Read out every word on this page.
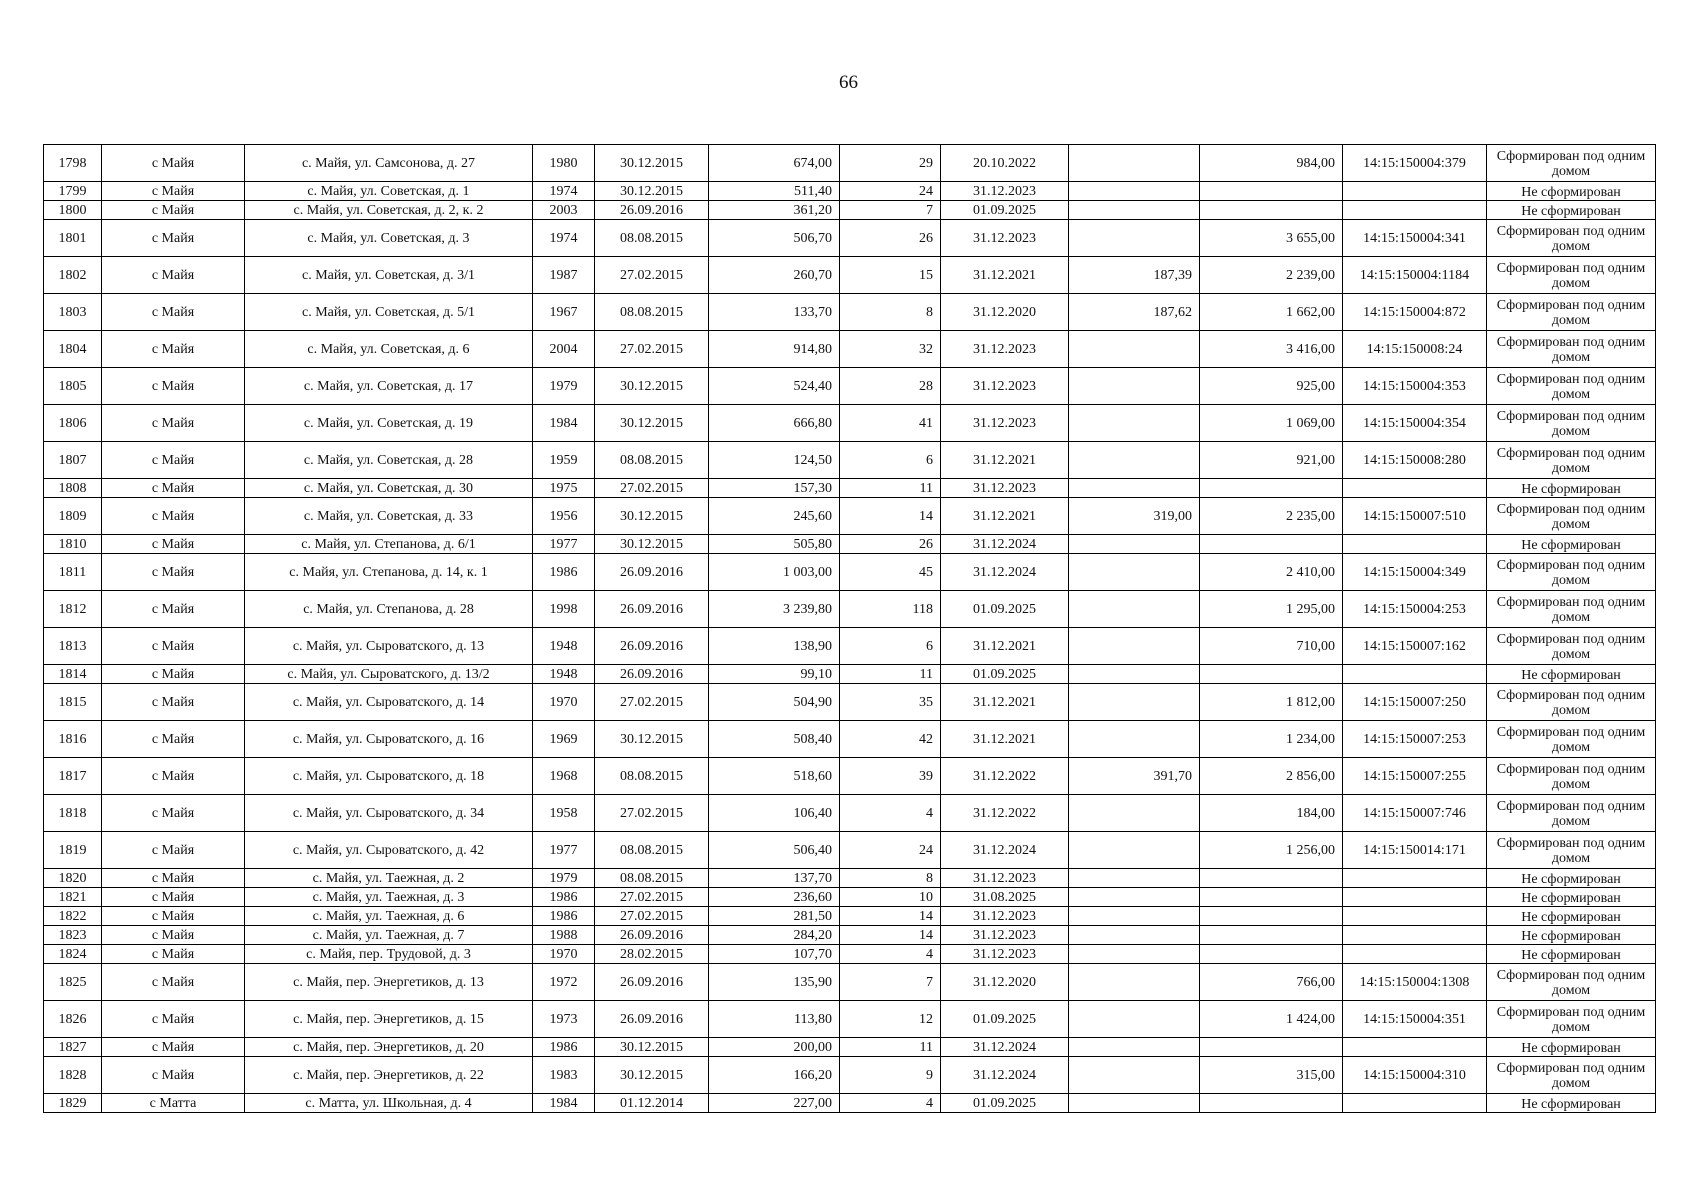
66
1798	с Майя	с. Майя, ул. Самсонова, д. 27	1980	30.12.2015	674,00	29	20.10.2022		984,00	14:15:150004:379	Сформирован под одним домом
1799	с Майя	с. Майя, ул. Советская, д. 1	1974	30.12.2015	511,40	24	31.12.2023				Не сформирован
1800	с Майя	с. Майя, ул. Советская, д. 2, к. 2	2003	26.09.2016	361,20	7	01.09.2025				Не сформирован
1801	с Майя	с. Майя, ул. Советская, д. 3	1974	08.08.2015	506,70	26	31.12.2023		3 655,00	14:15:150004:341	Сформирован под одним домом
1802	с Майя	с. Майя, ул. Советская, д. 3/1	1987	27.02.2015	260,70	15	31.12.2021	187,39	2 239,00	14:15:150004:1184	Сформирован под одним домом
1803	с Майя	с. Майя, ул. Советская, д. 5/1	1967	08.08.2015	133,70	8	31.12.2020	187,62	1 662,00	14:15:150004:872	Сформирован под одним домом
1804	с Майя	с. Майя, ул. Советская, д. 6	2004	27.02.2015	914,80	32	31.12.2023		3 416,00	14:15:150008:24	Сформирован под одним домом
1805	с Майя	с. Майя, ул. Советская, д. 17	1979	30.12.2015	524,40	28	31.12.2023		925,00	14:15:150004:353	Сформирован под одним домом
1806	с Майя	с. Майя, ул. Советская, д. 19	1984	30.12.2015	666,80	41	31.12.2023		1 069,00	14:15:150004:354	Сформирован под одним домом
1807	с Майя	с. Майя, ул. Советская, д. 28	1959	08.08.2015	124,50	6	31.12.2021		921,00	14:15:150008:280	Сформирован под одним домом
1808	с Майя	с. Майя, ул. Советская, д. 30	1975	27.02.2015	157,30	11	31.12.2023				Не сформирован
1809	с Майя	с. Майя, ул. Советская, д. 33	1956	30.12.2015	245,60	14	31.12.2021	319,00	2 235,00	14:15:150007:510	Сформирован под одним домом
1810	с Майя	с. Майя, ул. Степанова, д. 6/1	1977	30.12.2015	505,80	26	31.12.2024				Не сформирован
1811	с Майя	с. Майя, ул. Степанова, д. 14, к. 1	1986	26.09.2016	1 003,00	45	31.12.2024		2 410,00	14:15:150004:349	Сформирован под одним домом
1812	с Майя	с. Майя, ул. Степанова, д. 28	1998	26.09.2016	3 239,80	118	01.09.2025		1 295,00	14:15:150004:253	Сформирован под одним домом
1813	с Майя	с. Майя, ул. Сыроватского, д. 13	1948	26.09.2016	138,90	6	31.12.2021		710,00	14:15:150007:162	Сформирован под одним домом
1814	с Майя	с. Майя, ул. Сыроватского, д. 13/2	1948	26.09.2016	99,10	11	01.09.2025				Не сформирован
1815	с Майя	с. Майя, ул. Сыроватского, д. 14	1970	27.02.2015	504,90	35	31.12.2021		1 812,00	14:15:150007:250	Сформирован под одним домом
1816	с Майя	с. Майя, ул. Сыроватского, д. 16	1969	30.12.2015	508,40	42	31.12.2021		1 234,00	14:15:150007:253	Сформирован под одним домом
1817	с Майя	с. Майя, ул. Сыроватского, д. 18	1968	08.08.2015	518,60	39	31.12.2022	391,70	2 856,00	14:15:150007:255	Сформирован под одним домом
1818	с Майя	с. Майя, ул. Сыроватского, д. 34	1958	27.02.2015	106,40	4	31.12.2022		184,00	14:15:150007:746	Сформирован под одним домом
1819	с Майя	с. Майя, ул. Сыроватского, д. 42	1977	08.08.2015	506,40	24	31.12.2024		1 256,00	14:15:150014:171	Сформирован под одним домом
1820	с Майя	с. Майя, ул. Таежная, д. 2	1979	08.08.2015	137,70	8	31.12.2023				Не сформирован
1821	с Майя	с. Майя, ул. Таежная, д. 3	1986	27.02.2015	236,60	10	31.08.2025				Не сформирован
1822	с Майя	с. Майя, ул. Таежная, д. 6	1986	27.02.2015	281,50	14	31.12.2023				Не сформирован
1823	с Майя	с. Майя, ул. Таежная, д. 7	1988	26.09.2016	284,20	14	31.12.2023				Не сформирован
1824	с Майя	с. Майя, пер. Трудовой, д. 3	1970	28.02.2015	107,70	4	31.12.2023				Не сформирован
1825	с Майя	с. Майя, пер. Энергетиков, д. 13	1972	26.09.2016	135,90	7	31.12.2020		766,00	14:15:150004:1308	Сформирован под одним домом
1826	с Майя	с. Майя, пер. Энергетиков, д. 15	1973	26.09.2016	113,80	12	01.09.2025		1 424,00	14:15:150004:351	Сформирован под одним домом
1827	с Майя	с. Майя, пер. Энергетиков, д. 20	1986	30.12.2015	200,00	11	31.12.2024				Не сформирован
1828	с Майя	с. Майя, пер. Энергетиков, д. 22	1983	30.12.2015	166,20	9	31.12.2024		315,00	14:15:150004:310	Сформирован под одним домом
1829	с Матта	с. Матта, ул. Школьная, д. 4	1984	01.12.2014	227,00	4	01.09.2025				Не сформирован
